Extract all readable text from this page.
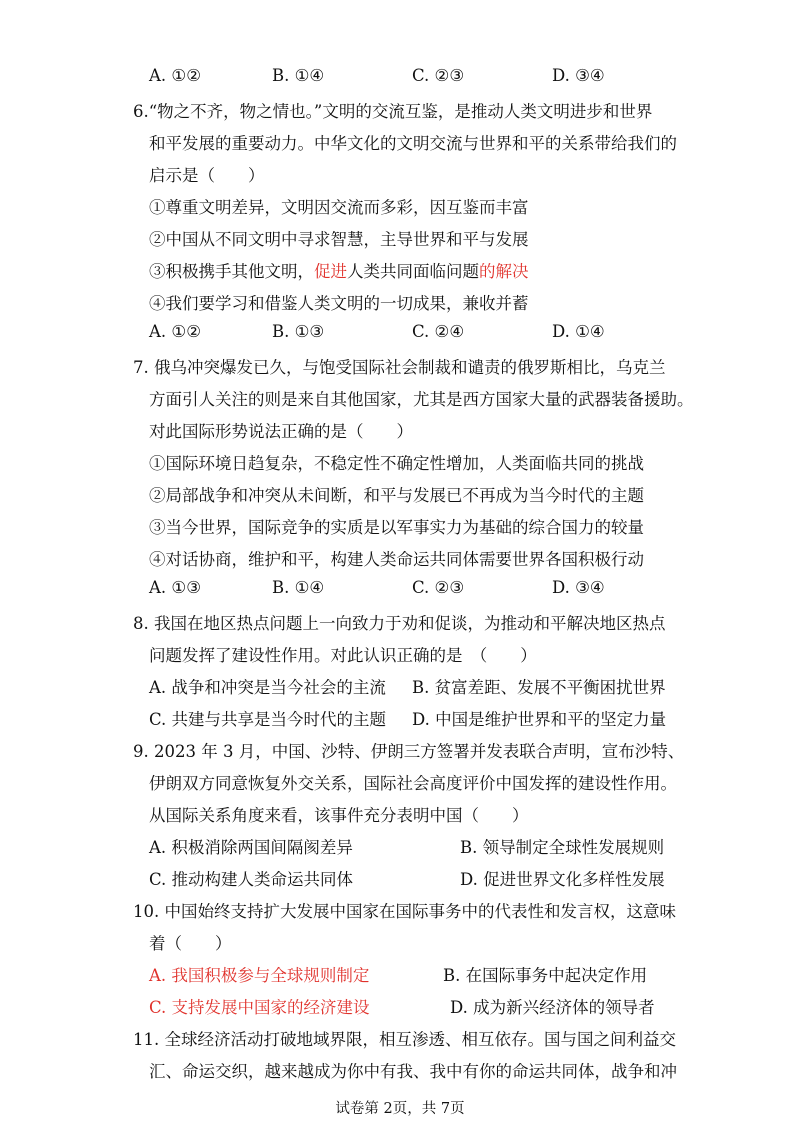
A. ①②	B. ①④	C. ②③	D. ③④
6.“物之不齐，物之情也。”文明的交流互鉴，是推动人类文明进步和世界
和平发展的重要动力。中华文化的文明交流与世界和平的关系带给我们的
启示是（　　）
①尊重文明差异，文明因交流而多彩，因互鉴而丰富
②中国从不同文明中寻求智慧，主导世界和平与发展
③积极携手其他文明，促进人类共同面临问题的解决
④我们要学习和借鉴人类文明的一切成果，兼收并蓄
A. ①②	B. ①③	C. ②④	D. ①④
7. 俄乌冲突爆发已久，与饱受国际社会制裁和谴责的俄罗斯相比，乌克兰
方面引人关注的则是来自其他国家，尤其是西方国家大量的武器装备援助。
对此国际形势说法正确的是（　　）
①国际环境日趋复杂，不稳定性不确定性增加，人类面临共同的挑战
②局部战争和冲突从未间断，和平与发展已不再成为当今时代的主题
③当今世界，国际竞争的实质是以军事实力为基础的综合国力的较量
④对话协商，维护和平，构建人类命运共同体需要世界各国积极行动
A. ①③	B. ①④	C. ②③	D. ③④
8. 我国在地区热点问题上一向致力于劝和促谈，为推动和平解决地区热点
问题发挥了建设性作用。对此认识正确的是　（　　）
A. 战争和冲突是当今社会的主流 B. 贫富差距、发展不平衡困扰世界
C. 共建与共享是当今时代的主题 D. 中国是维护世界和平的坚定力量
9. 2023 年 3 月，中国、沙特、伊朗三方签署并发表联合声明，宣布沙特、
伊朗双方同意恢复外交关系，国际社会高度评价中国发挥的建设性作用。
从国际关系角度来看，该事件充分表明中国（　　）
A. 积极消除两国间隔阂差异	B. 领导制定全球性发展规则
C. 推动构建人类命运共同体	D. 促进世界文化多样性发展
10. 中国始终支持扩大发展中国家在国际事务中的代表性和发言权，这意味
着（　　）
A. 我国积极参与全球规则制定	B. 在国际事务中起决定作用
C. 支持发展中国家的经济建设	D. 成为新兴经济体的领导者
11. 全球经济活动打破地域界限，相互渗透、相互依存。国与国之间利益交
汇、命运交织，越来越成为你中有我、我中有你的命运共同体，战争和冲
试卷第 2页，共 7页
